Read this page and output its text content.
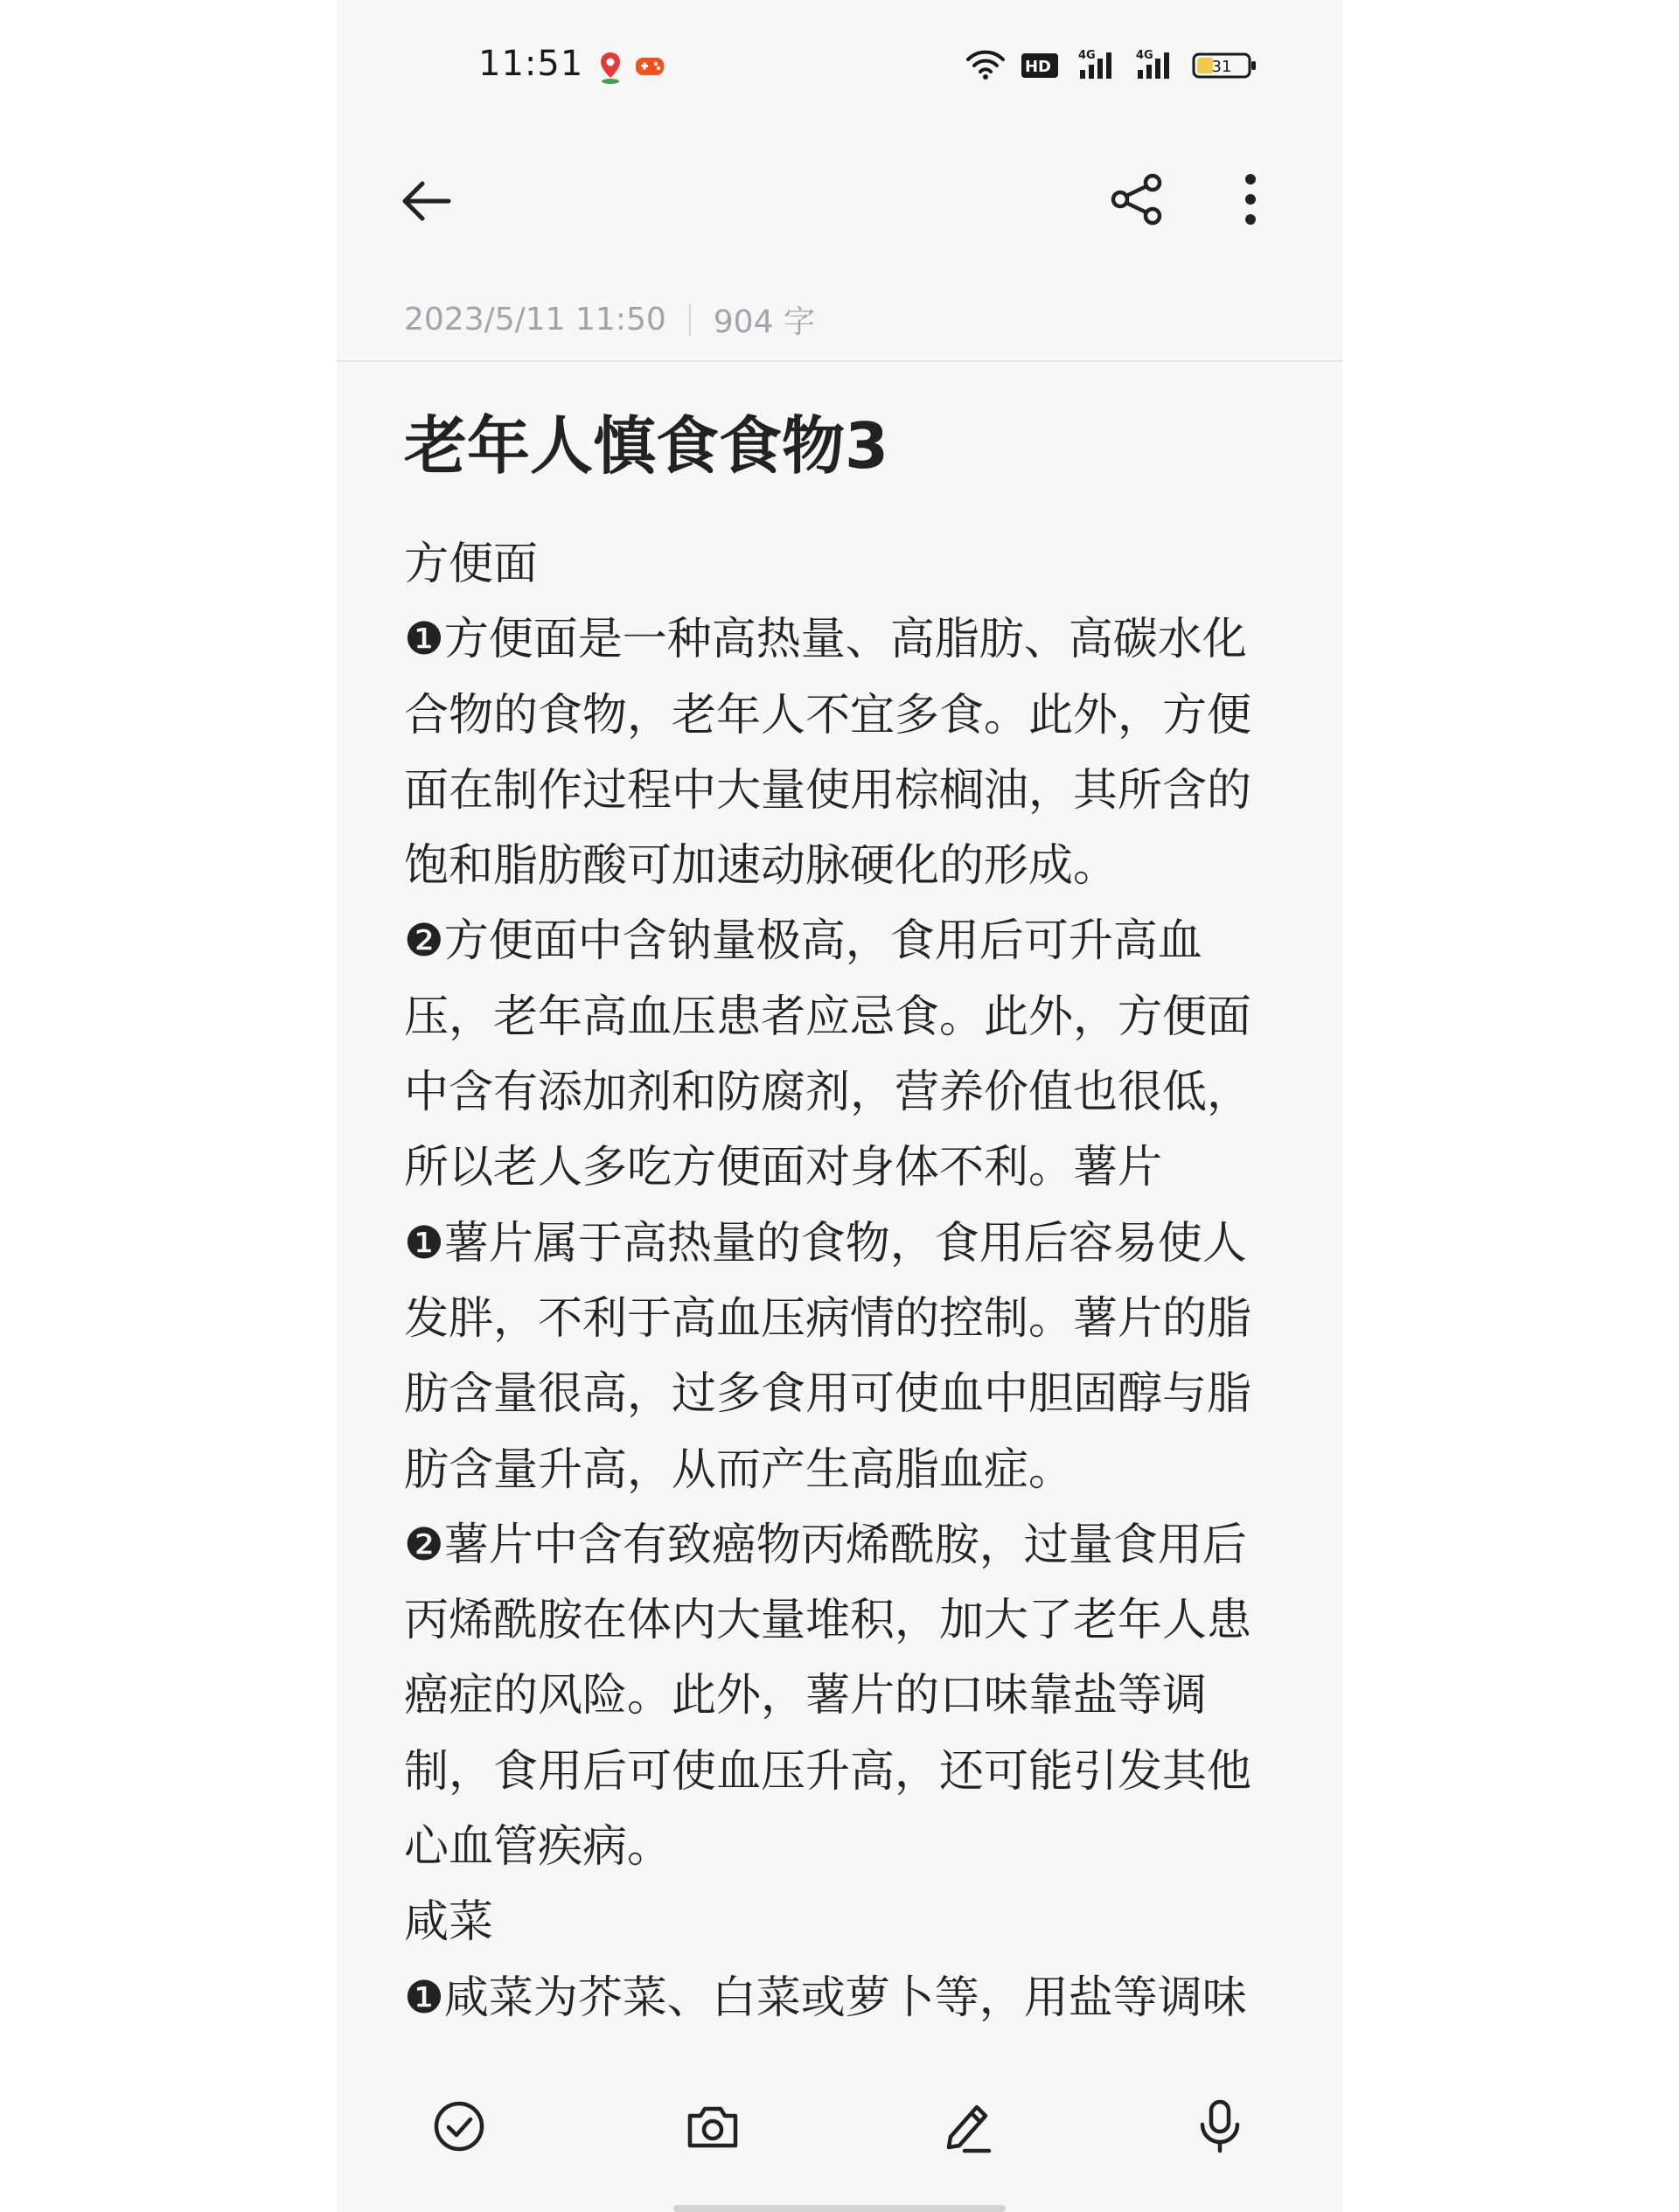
11:51	HD
4G	4G
31
2023/5/11 11:50 904 字
老年人慎食食物3

方便面

❶方便面是一种高热量、高脂肪、高碳水化合物的食物，老年人不宜多食。此外，方便面在制作过程中大量使用棕榈油，其所含的饱和脂肪酸可加速动脉硬化的形成。

❷方便面中含钠量极高，食用后可升高血压，老年高血压患者应忌食。此外，方便面中含有添加剂和防腐剂，营养价值也很低，所以老人多吃方便面对身体不利。薯片

❶薯片属于高热量的食物，食用后容易使人发胖，不利于高血压病情的控制。薯片的脂肪含量很高，过多食用可使血中胆固醇与脂肪含量升高，从而产生高脂血症。

❷薯片中含有致癌物丙烯酰胺，过量食用后丙烯酰胺在体内大量堆积，加大了老年人患癌症的风险。此外，薯片的口味靠盐等调制，食用后可使血压升高，还可能引发其他心血管疾病。

咸菜

❶咸菜为芥菜、白菜或萝卜等，用盐等调味
